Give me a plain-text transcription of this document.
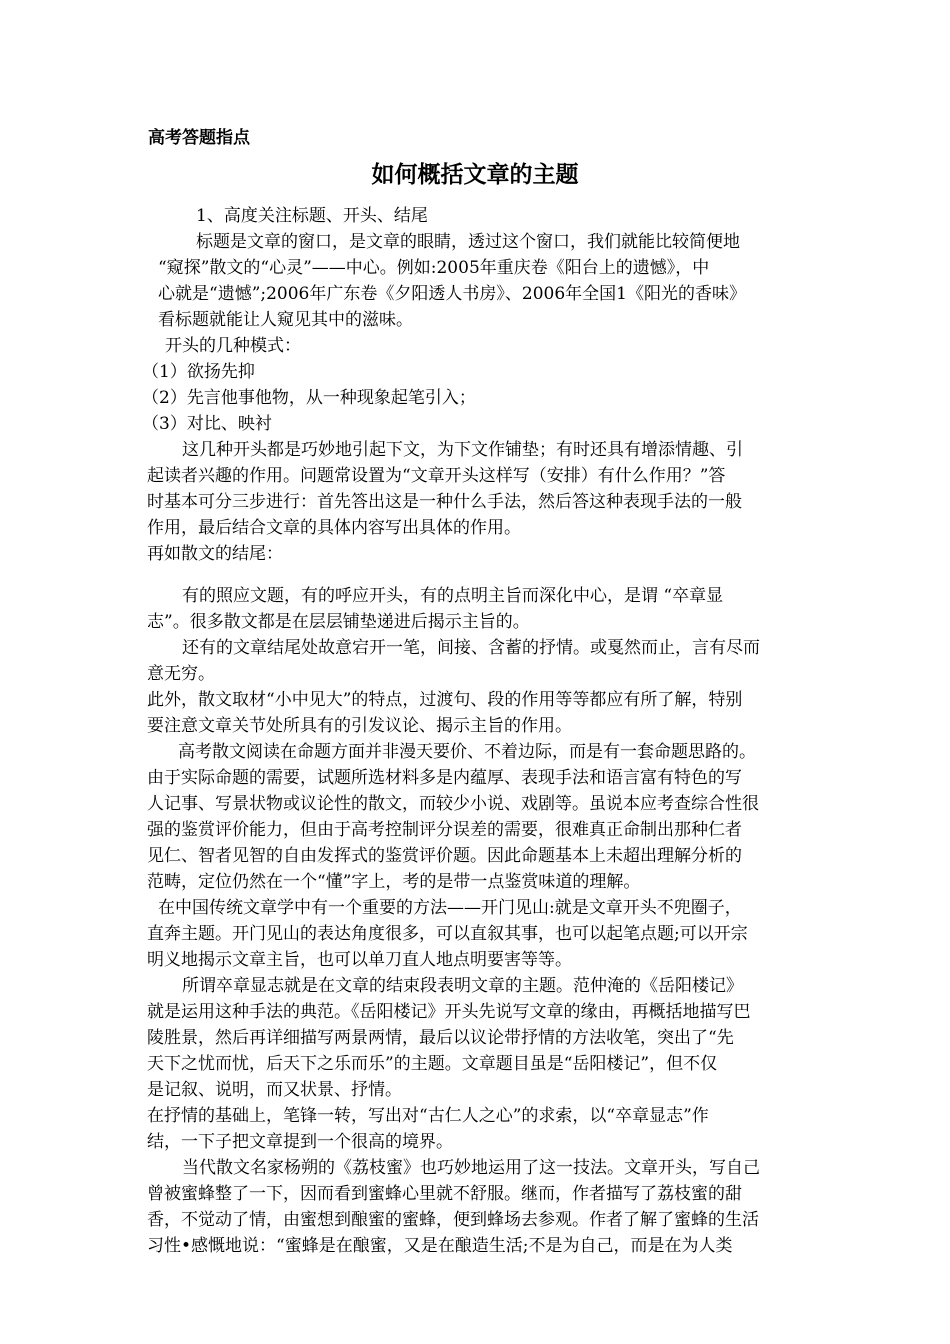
高考答题指点

如何概括文章的主题

1、高度关注标题、开头、结尾

标题是文章的窗口，是文章的眼睛，透过这个窗口，我们就能比较简便地

“窥探”散文的“心灵”——中心。例如:2005年重庆卷《阳台上的遗憾》，中

心就是“遗憾”;2006年广东卷《夕阳透人书房》、2006年全国1《阳光的香味》

看标题就能让人窥见其中的滋味。

开头的几种模式：

（1）欲扬先抑

（2）先言他事他物，从一种现象起笔引入；

（3）对比、映衬

这几种开头都是巧妙地引起下文，为下文作铺垫；有时还具有增添情趣、引

起读者兴趣的作用。问题常设置为“文章开头这样写（安排）有什么作用？”答

时基本可分三步进行：首先答出这是一种什么手法，然后答这种表现手法的一般

作用，最后结合文章的具体内容写出具体的作用。

再如散文的结尾：

有的照应文题，有的呼应开头，有的点明主旨而深化中心，是谓 “卒章显

志”。很多散文都是在层层铺垫递进后揭示主旨的。

还有的文章结尾处故意宕开一笔，间接、含蓄的抒情。或戛然而止，言有尽而

意无穷。

此外，散文取材“小中见大”的特点，过渡句、段的作用等等都应有所了解，特别

要注意文章关节处所具有的引发议论、揭示主旨的作用。

高考散文阅读在命题方面并非漫天要价、不着边际，而是有一套命题思路的。

由于实际命题的需要，试题所选材料多是内蕴厚、表现手法和语言富有特色的写

人记事、写景状物或议论性的散文，而较少小说、戏剧等。虽说本应考查综合性很

强的鉴赏评价能力，但由于高考控制评分误差的需要，很难真正命制出那种仁者

见仁、智者见智的自由发挥式的鉴赏评价题。因此命题基本上未超出理解分析的

范畴，定位仍然在一个“懂”字上，考的是带一点鉴赏味道的理解。

在中国传统文章学中有一个重要的方法——开门见山:就是文章开头不兜圈子，

直奔主题。开门见山的表达角度很多，可以直叙其事，也可以起笔点题;可以开宗

明义地揭示文章主旨，也可以单刀直人地点明要害等等。

所谓卒章显志就是在文章的结束段表明文章的主题。范仲淹的《岳阳楼记》

就是运用这种手法的典范。《岳阳楼记》开头先说写文章的缘由，再概括地描写巴

陵胜景，然后再详细描写两景两情，最后以议论带抒情的方法收笔，突出了“先

天下之忧而忧，后天下之乐而乐”的主题。文章题目虽是“岳阳楼记”，但不仅

是记叙、说明，而又状景、抒情。

在抒情的基础上，笔锋一转，写出对“古仁人之心”的求索，以“卒章显志”作

结，一下子把文章提到一个很高的境界。

当代散文名家杨朔的《荔枝蜜》也巧妙地运用了这一技法。文章开头，写自己

曾被蜜蜂整了一下，因而看到蜜蜂心里就不舒服。继而，作者描写了荔枝蜜的甜

香，不觉动了情，由蜜想到酿蜜的蜜蜂，便到蜂场去参观。作者了解了蜜蜂的生活

习性•感慨地说：“蜜蜂是在酿蜜，又是在酿造生活;不是为自己，而是在为人类
